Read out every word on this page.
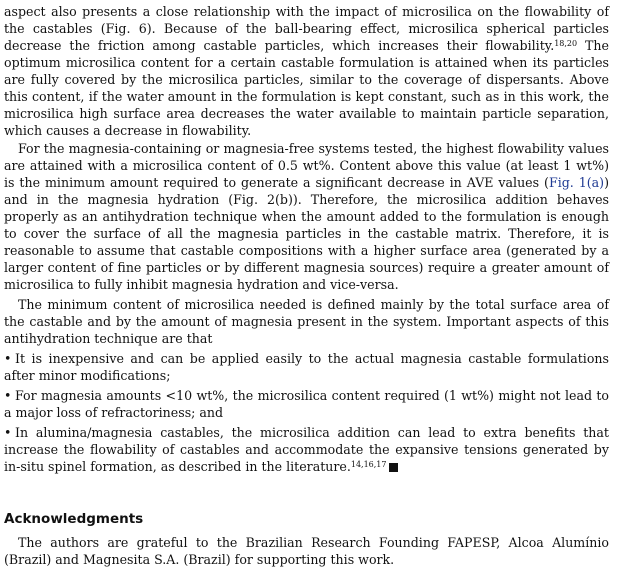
aspect also presents a close relationship with the impact of microsilica on the flowability of the castables (Fig. 6). Because of the ball-bearing effect, microsilica spherical particles decrease the friction among castable particles, which increases their flowability.$^{18,20}$ The optimum microsilica content for a certain castable formulation is attained when its particles are fully covered by the microsilica particles, similar to the coverage of dispersants. Above this content, if the water amount in the formulation is kept constant, such as in this work, the microsilica high surface area decreases the water available to maintain particle separation, which causes a decrease in flowability.

For the magnesia-containing or magnesia-free systems tested, the highest flowability values are attained with a microsilica content of 0.5 wt%. Content above this value (at least 1 wt%) is the minimum amount required to generate a significant decrease in AVE values (Fig. 1(a)) and in the magnesia hydration (Fig. 2(b)). Therefore, the microsilica addition behaves properly as an antihydration technique when the amount added to the formulation is enough to cover the surface of all the magnesia particles in the castable matrix. Therefore, it is reasonable to assume that castable compositions with a higher surface area (generated by a larger content of fine particles or by different magnesia sources) require a greater amount of microsilica to fully inhibit magnesia hydration and vice-versa.

The minimum content of microsilica needed is defined mainly by the total surface area of the castable and by the amount of magnesia present in the system. Important aspects of this antihydration technique are that

• It is inexpensive and can be applied easily to the actual magnesia castable formulations after minor modifications;

• For magnesia amounts <10 wt%, the microsilica content required (1 wt%) might not lead to a major loss of refractoriness; and

• In alumina/magnesia castables, the microsilica addition can lead to extra benefits that increase the flowability of castables and accommodate the expansive tensions generated by in-situ spinel formation, as described in the literature.$^{14,16,17}$

Acknowledgments

The authors are grateful to the Brazilian Research Founding FAPESP, Alcoa Alumínio (Brazil) and Magnesita S.A. (Brazil) for supporting this work.
